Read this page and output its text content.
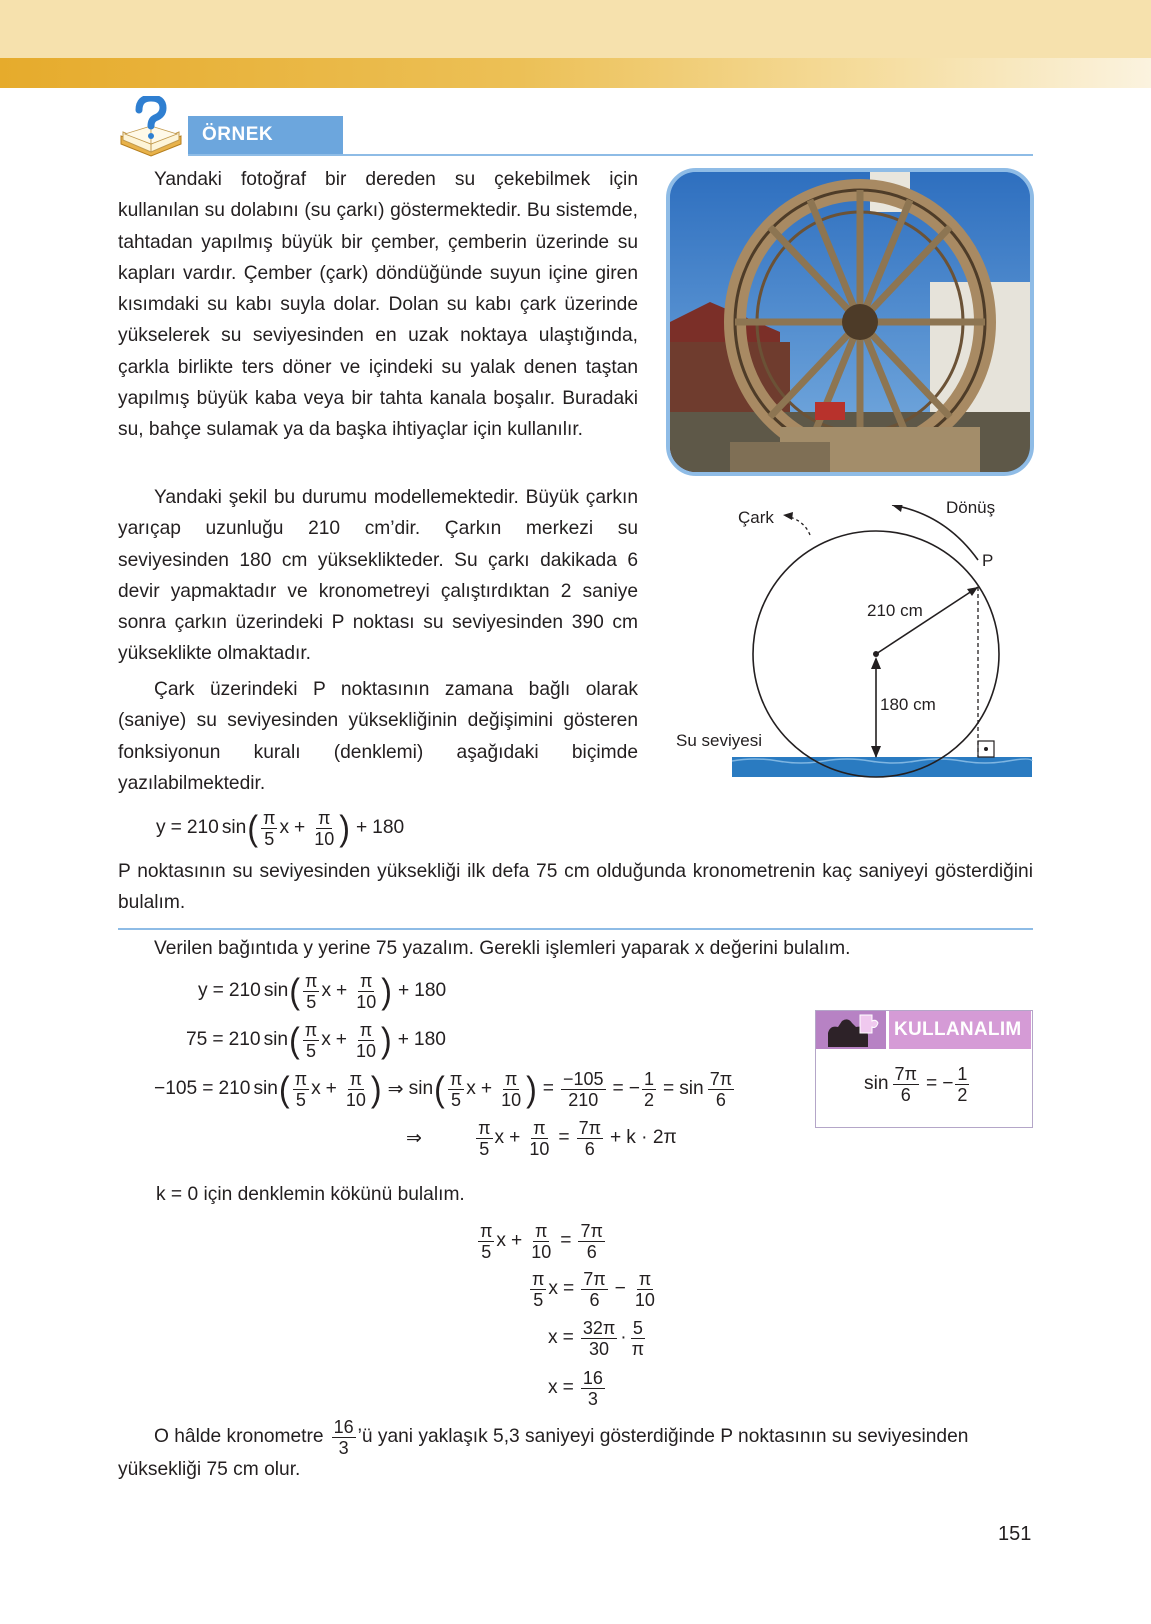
ÖRNEK
Yandaki fotoğraf bir dereden su çekebilmek için kullanılan su dolabını (su çarkı) göstermektedir. Bu sistemde, tahtadan yapılmış büyük bir çember, çemberin üzerinde su kapları vardır. Çember (çark) döndüğünde suyun içine giren kısımdaki su kabı suyla dolar. Dolan su kabı çark üzerinde yükselerek su seviyesinden en uzak noktaya ulaştığında, çarkla birlikte ters döner ve içindeki su yalak denen taştan yapılmış büyük kaba veya bir tahta kanala boşalır. Buradaki su, bahçe sulamak ya da başka ihtiyaçlar için kullanılır.
Yandaki şekil bu durumu modellemektedir. Büyük çarkın yarıçap uzunluğu 210 cm’dir. Çarkın merkezi su seviyesinden 180 cm yükseklikteder. Su çarkı dakikada 6 devir yapmaktadır ve kronometreyi çalıştırdıktan 2 saniye sonra çarkın üzerindeki P noktası su seviyesinden 390 cm yükseklikte olmaktadır.
Çark üzerindeki P noktasının zamana bağlı olarak (saniye) su seviyesinden yüksekliğinin değişimini gösteren fonksiyonun kuralı (denklemi) aşağıdaki biçimde yazılabilmektedir.
Çark
Dönüş
P
210 cm
180 cm
Su seviyesi
y = 210 sin ( $\frac{\pi}{5}$ $x + \frac{\pi}{10}$ ) + 180
P noktasının su seviyesinden yüksekliği ilk defa 75 cm olduğunda kronometrenin kaç saniyeyi gösterdiğini bulalım.
Verilen bağıntıda y yerine 75 yazalım. Gerekli işlemleri yaparak x değerini bulalım.
y = 210 sin ( $\frac{\pi}{5}$ $x + \frac{\pi}{10}$ ) + 180
75 = 210 sin ( $\frac{\pi}{5}$ $x + \frac{\pi}{10}$ ) + 180
−105 = 210 sin ( $\frac{\pi}{5}$ $x + \frac{\pi}{10}$ ) ⇒ sin ( $\frac{\pi}{5}$ $x + \frac{\pi}{10}$ ) = $\frac{-105}{210}$ = − $\frac{1}{2} = \sin \frac{7\pi}{6}$
⇒	$\frac{\pi}{5}$ $x + \frac{\pi}{10} = \frac{7\pi}{6} + k \cdot 2\pi$
k = 0 için denklemin kökünü bulalım.
$\frac{\pi}{5}$ $x + \frac{\pi}{10} = \frac{7\pi}{6}$
$\frac{\pi}{5}$ $x = \frac{7\pi}{6} - \frac{\pi}{10}$
$x = \frac{32\pi}{30} \cdot \frac{5}{\pi}$
$x = \frac{16}{3}$
O hâlde kronometre $\frac{16}{3}$ ’ü yani yaklaşık 5,3 saniyeyi gösterdiğinde P noktasının su seviyesinden
yüksekliği 75 cm olur.
KULLANALIM
$\sin \frac{7\pi}{6}$ = − $\frac{1}{2}$
151
